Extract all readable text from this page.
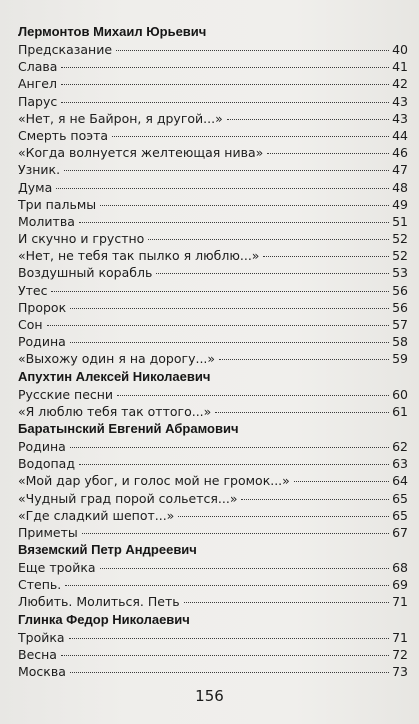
Лермонтов Михаил Юрьевич
Предсказание	40
Слава	41
Ангел	42
Парус	43
«Нет, я не Байрон, я другой...»	43
Смерть поэта	44
«Когда волнуется желтеющая нива»	46
Узник.	47
Дума	48
Три пальмы	49
Молитва	51
И скучно и грустно	52
«Нет, не тебя так пылко я люблю...»	52
Воздушный корабль	53
Утес	56
Пророк	56
Сон	57
Родина	58
«Выхожу один я на дорогу...»	59
Апухтин Алексей Николаевич
Русские песни	60
«Я люблю тебя так оттого...»	61
Баратынский Евгений Абрамович
Родина	62
Водопад	63
«Мой дар убог, и голос мой не громок...»	64
«Чудный град порой сольется...»	65
«Где сладкий шепот...»	65
Приметы	67
Вяземский Петр Андреевич
Еще тройка	68
Степь.	69
Любить. Молиться. Петь	71
Глинка Федор Николаевич
Тройка	71
Весна	72
Москва	73
156
